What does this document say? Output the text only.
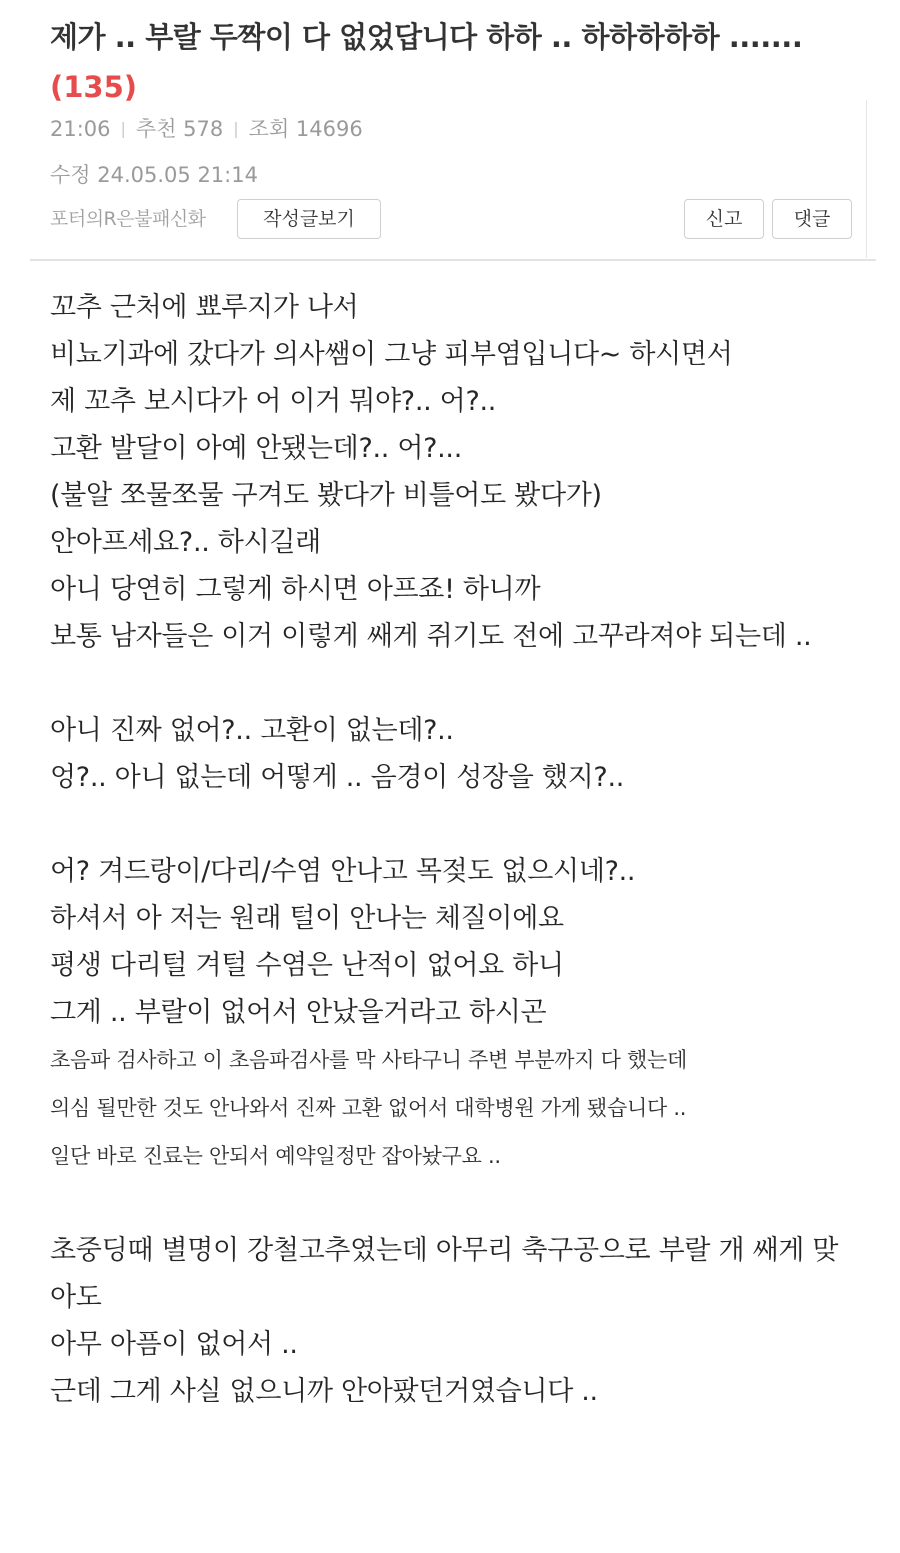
제가 .. 부랄 두짝이 다 없었답니다 하하 .. 하하하하하 .......
(135)
21:06 | 추천 578 | 조회 14696
수정 24.05.05 21:14
포터의R은불패신화	작성글보기	신고	댓글
꼬추 근처에 뾰루지가 나서
비뇨기과에 갔다가 의사쌤이 그냥 피부염입니다~ 하시면서
제 꼬추 보시다가 어 이거 뭐야?.. 어?..
고환 발달이 아예 안됐는데?.. 어?...
(불알 쪼물쪼물 구겨도 봤다가 비틀어도 봤다가)
안아프세요?.. 하시길래
아니 당연히 그렇게 하시면 아프죠! 하니까
보통 남자들은 이거 이렇게 쌔게 쥐기도 전에 고꾸라져야 되는데 ..
아니 진짜 없어?.. 고환이 없는데?..
엉?.. 아니 없는데 어떻게 .. 음경이 성장을 했지?..
어? 겨드랑이/다리/수염 안나고 목젖도 없으시네?..
하셔서 아 저는 원래 털이 안나는 체질이에요
평생 다리털 겨털 수염은 난적이 없어요 하니
그게 .. 부랄이 없어서 안났을거라고 하시곤
초음파 검사하고 이 초음파검사를 막 사타구니 주변 부분까지 다 했는데
의심 될만한 것도 안나와서 진짜 고환 없어서 대학병원 가게 됐습니다 ..
일단 바로 진료는 안되서 예약일정만 잡아놨구요 ..
초중딩때 별명이 강철고추였는데 아무리 축구공으로 부랄 개 쌔게 맞아도
아무 아픔이 없어서 ..
근데 그게 사실 없으니까 안아팠던거였습니다 ..
